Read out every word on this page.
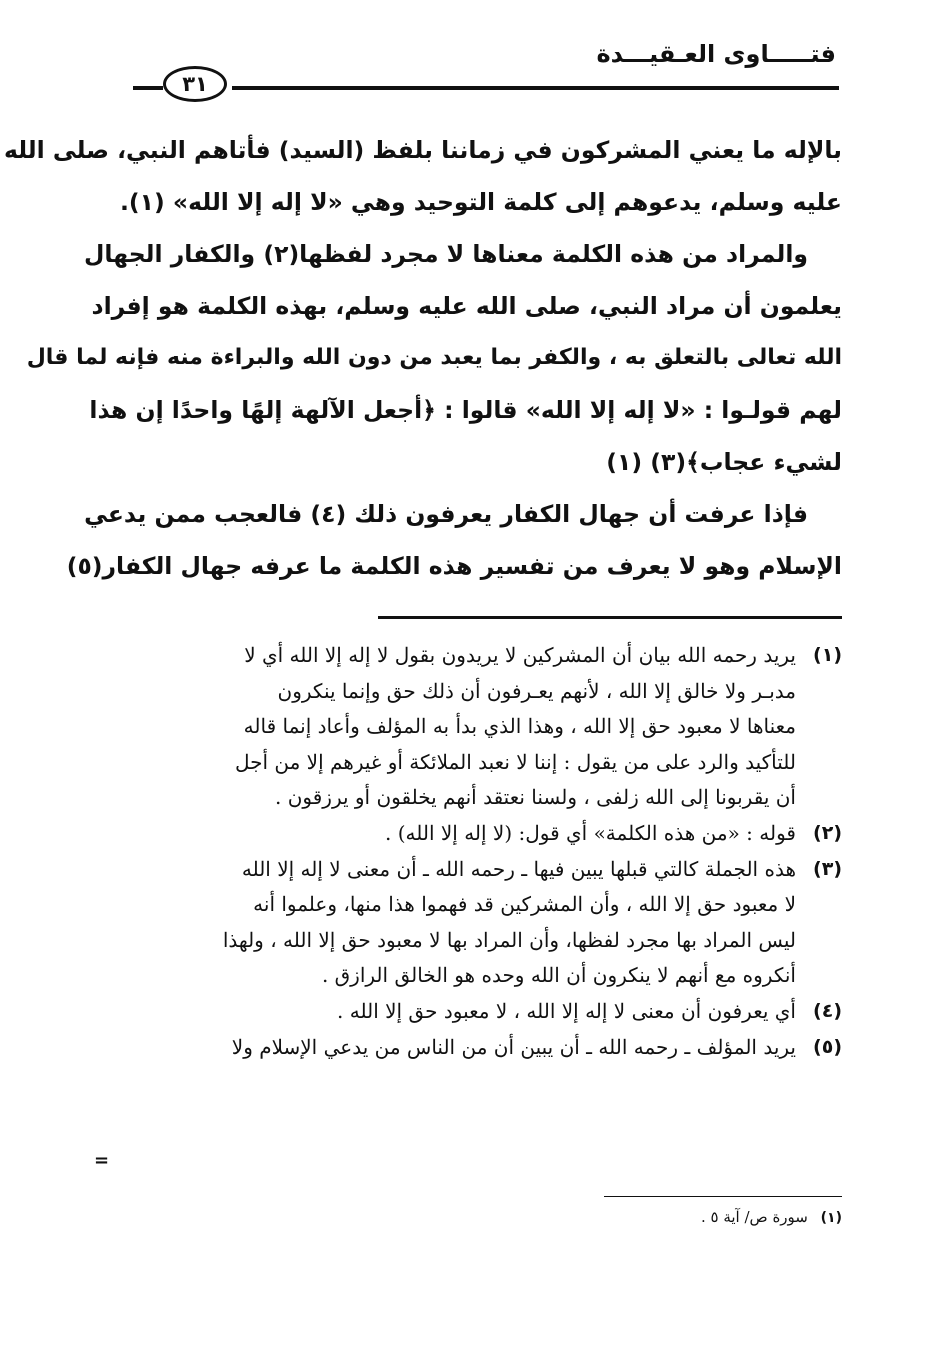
فتـــــاوى العـقيـــدة
٣١
بالإله ما يعني المشركون في زماننا بلفظ (السيد) فأتاهم النبي، صلى الله
عليه وسلم، يدعوهم إلى كلمة التوحيد وهي «لا إله إلا الله» (١).
والمراد من هذه الكلمة معناها لا مجرد لفظها(٢) والكفار الجهال
يعلمون أن مراد النبي، صلى الله عليه وسلم، بهذه الكلمة هو إفراد
الله تعالى بالتعلق به ، والكفر بما يعبد من دون الله والبراءة منه فإنه لما قال
لهم قولـوا : «لا إله إلا الله» قالوا : ﴿أجعل الآلهة إلهًا واحدًا إن هذا
لشيء عجاب﴾(٣) (١)
فإذا عرفت أن جهال الكفار يعرفون ذلك (٤) فالعجب ممن يدعي
الإسلام وهو لا يعرف من تفسير هذه الكلمة ما عرفه جهال الكفار(٥)
(١)
يريد رحمه الله بيان أن المشركين لا يريدون بقول لا إله إلا الله أي لا
مدبـر ولا خالق إلا الله ، لأنهم يعـرفون أن ذلك حق وإنما ينكرون
معناها لا معبود حق إلا الله ، وهذا الذي بدأ به المؤلف وأعاد إنما قاله
للتأكيد والرد على من يقول : إننا لا نعبد الملائكة أو غيرهم إلا من أجل
أن يقربونا إلى الله زلفى ، ولسنا نعتقد أنهم يخلقون أو يرزقون .
(٢)
قوله : «من هذه الكلمة» أي قول: (لا إله إلا الله) .
(٣)
هذه الجملة كالتي قبلها يبين فيها ـ رحمه الله ـ أن معنى لا إله إلا الله
لا معبود حق إلا الله ، وأن المشركين قد فهموا هذا منها، وعلموا أنه
ليس المراد بها مجرد لفظها، وأن المراد بها لا معبود حق إلا الله ، ولهذا
أنكروه مع أنهم لا ينكرون أن الله وحده هو الخالق الرازق .
(٤)
أي يعرفون أن معنى لا إله إلا الله ، لا معبود حق إلا الله .
(٥)
يريد المؤلف ـ رحمه الله ـ أن يبين أن من الناس من يدعي الإسلام ولا
=
(١) سورة ص/ آية ٥ .
